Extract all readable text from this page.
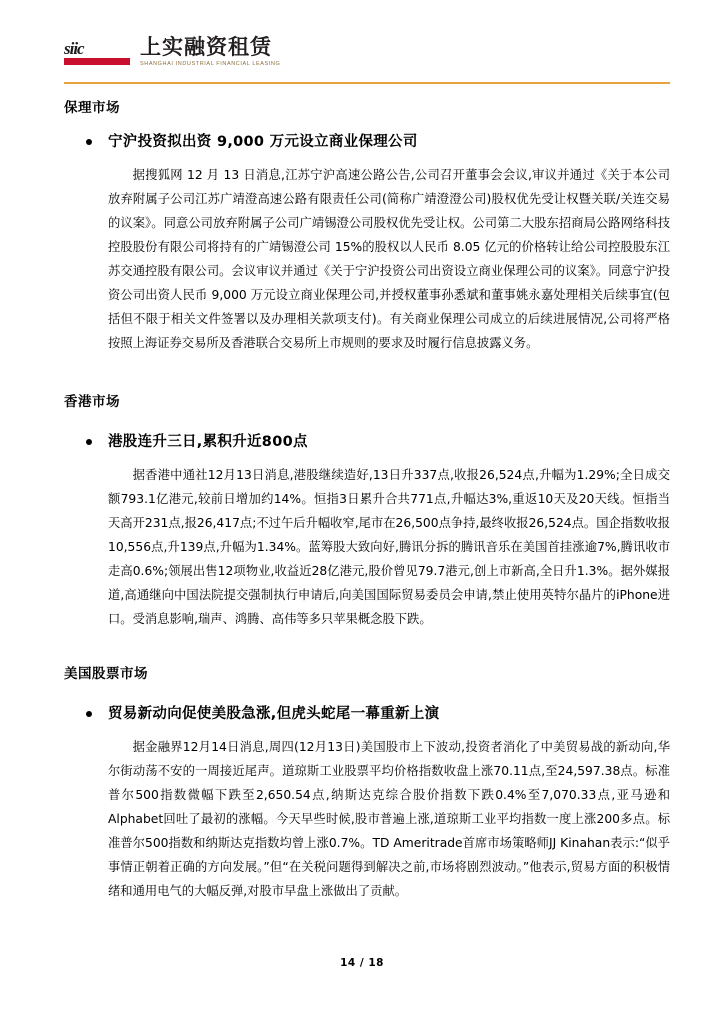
siic	上实融资租赁
SHANGHAI INDUSTRIAL FINANCIAL LEASING
保理市场
宁沪投资拟出资 9,000 万元设立商业保理公司
据搜狐网 12 月 13 日消息,江苏宁沪高速公路公告,公司召开董事会会议,审议并通过《关于本公司放弃附属子公司江苏广靖澄高速公路有限责任公司(简称广靖澄澄公司)股权优先受让权暨关联/关连交易的议案》。同意公司放弃附属子公司广靖锡澄公司股权优先受让权。公司第二大股东招商局公路网络科技控股股份有限公司将持有的广靖锡澄公司 15%的股权以人民币 8.05 亿元的价格转让给公司控股股东江苏交通控股有限公司。会议审议并通过《关于宁沪投资公司出资设立商业保理公司的议案》。同意宁沪投资公司出资人民币 9,000 万元设立商业保理公司,并授权董事孙悉斌和董事姚永嘉处理相关后续事宜(包括但不限于相关文件签署以及办理相关款项支付)。有关商业保理公司成立的后续进展情况,公司将严格按照上海证券交易所及香港联合交易所上市规则的要求及时履行信息披露义务。
香港市场
港股连升三日,累积升近800点
据香港中通社12月13日消息,港股继续造好,13日升337点,收报26,524点,升幅为1.29%;全日成交额793.1亿港元,较前日增加约14%。恒指3日累升合共771点,升幅达3%,重返10天及20天线。恒指当天高开231点,报26,417点;不过午后升幅收窄,尾市在26,500点争持,最终收报26,524点。国企指数收报10,556点,升139点,升幅为1.34%。蓝筹股大致向好,腾讯分拆的腾讯音乐在美国首挂涨逾7%,腾讯收市走高0.6%;领展出售12项物业,收益近28亿港元,股价曾见79.7港元,创上市新高,全日升1.3%。据外媒报道,高通继向中国法院提交强制执行申请后,向美国国际贸易委员会申请,禁止使用英特尔晶片的iPhone进口。受消息影响,瑞声、鸿腾、高伟等多只苹果概念股下跌。
美国股票市场
贸易新动向促使美股急涨,但虎头蛇尾一幕重新上演
据金融界12月14日消息,周四(12月13日)美国股市上下波动,投资者消化了中美贸易战的新动向,华尔街动荡不安的一周接近尾声。道琼斯工业股票平均价格指数收盘上涨70.11点,至24,597.38点。标准普尔500指数微幅下跌至2,650.54点,纳斯达克综合股价指数下跌0.4%至7,070.33点,亚马逊和Alphabet回吐了最初的涨幅。今天早些时候,股市普遍上涨,道琼斯工业平均指数一度上涨200多点。标准普尔500指数和纳斯达克指数均曾上涨0.7%。TD Ameritrade首席市场策略师JJ Kinahan表示:“似乎事情正朝着正确的方向发展。”但“在关税问题得到解决之前,市场将剧烈波动。”他表示,贸易方面的积极情绪和通用电气的大幅反弹,对股市早盘上涨做出了贡献。
14 / 18
